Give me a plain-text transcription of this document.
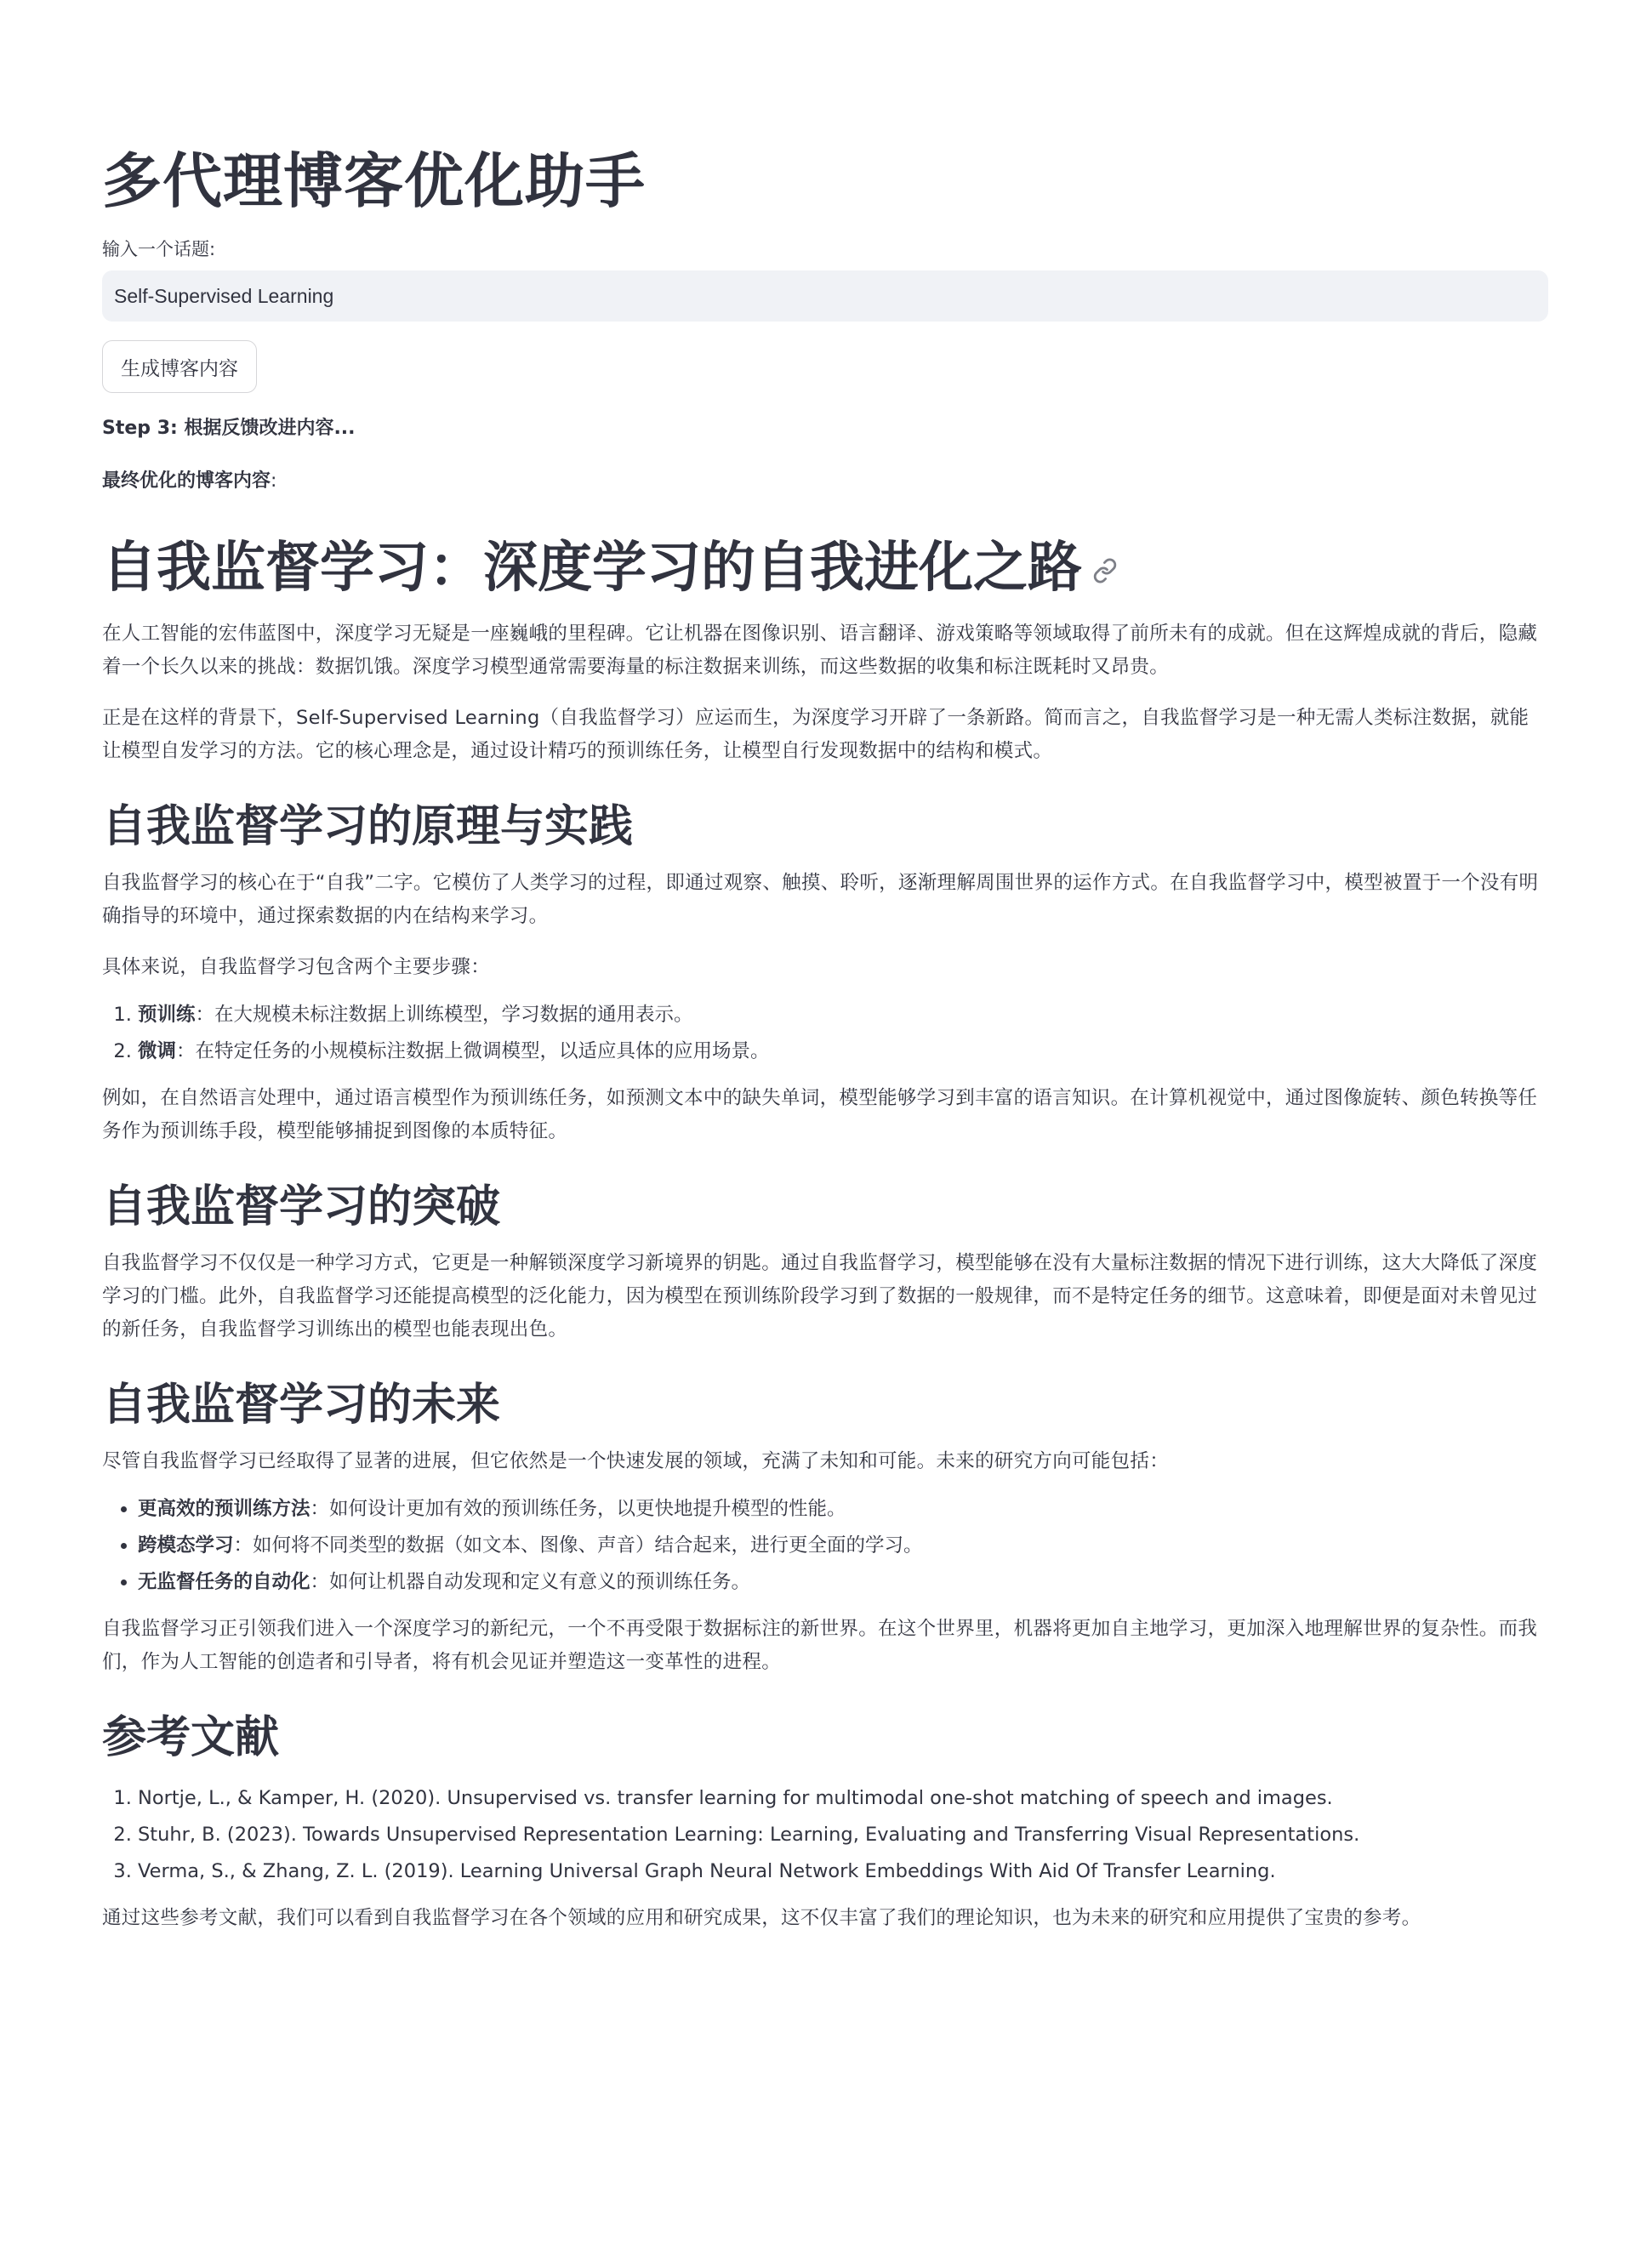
多代理博客优化助手
输入一个话题:
Self-Supervised Learning
生成博客内容
Step 3: 根据反馈改进内容...
最终优化的博客内容:
自我监督学习：深度学习的自我进化之路

在人工智能的宏伟蓝图中，深度学习无疑是一座巍峨的里程碑。它让机器在图像识别、语言翻译、游戏策略等领域取得了前所未有的成就。但在这辉煌成就的背后，隐藏着一个长久以来的挑战：数据饥饿。深度学习模型通常需要海量的标注数据来训练，而这些数据的收集和标注既耗时又昂贵。

正是在这样的背景下，Self-Supervised Learning（自我监督学习）应运而生，为深度学习开辟了一条新路。简而言之，自我监督学习是一种无需人类标注数据，就能让模型自发学习的方法。它的核心理念是，通过设计精巧的预训练任务，让模型自行发现数据中的结构和模式。

自我监督学习的原理与实践

自我监督学习的核心在于“自我”二字。它模仿了人类学习的过程，即通过观察、触摸、聆听，逐渐理解周围世界的运作方式。在自我监督学习中，模型被置于一个没有明确指导的环境中，通过探索数据的内在结构来学习。

具体来说，自我监督学习包含两个主要步骤：

1. 预训练：在大规模未标注数据上训练模型，学习数据的通用表示。
2. 微调：在特定任务的小规模标注数据上微调模型，以适应具体的应用场景。

例如，在自然语言处理中，通过语言模型作为预训练任务，如预测文本中的缺失单词，模型能够学习到丰富的语言知识。在计算机视觉中，通过图像旋转、颜色转换等任务作为预训练手段，模型能够捕捉到图像的本质特征。

自我监督学习的突破

自我监督学习不仅仅是一种学习方式，它更是一种解锁深度学习新境界的钥匙。通过自我监督学习，模型能够在没有大量标注数据的情况下进行训练，这大大降低了深度学习的门槛。此外，自我监督学习还能提高模型的泛化能力，因为模型在预训练阶段学习到了数据的一般规律，而不是特定任务的细节。这意味着，即便是面对未曾见过的新任务，自我监督学习训练出的模型也能表现出色。

自我监督学习的未来

尽管自我监督学习已经取得了显著的进展，但它依然是一个快速发展的领域，充满了未知和可能。未来的研究方向可能包括：

• 更高效的预训练方法：如何设计更加有效的预训练任务，以更快地提升模型的性能。
• 跨模态学习：如何将不同类型的数据（如文本、图像、声音）结合起来，进行更全面的学习。
• 无监督任务的自动化：如何让机器自动发现和定义有意义的预训练任务。

自我监督学习正引领我们进入一个深度学习的新纪元，一个不再受限于数据标注的新世界。在这个世界里，机器将更加自主地学习，更加深入地理解世界的复杂性。而我们，作为人工智能的创造者和引导者，将有机会见证并塑造这一变革性的进程。

参考文献
1. Nortje, L., & Kamper, H. (2020). Unsupervised vs. transfer learning for multimodal one-shot matching of speech and images.
2. Stuhr, B. (2023). Towards Unsupervised Representation Learning: Learning, Evaluating and Transferring Visual Representations.
3. Verma, S., & Zhang, Z. L. (2019). Learning Universal Graph Neural Network Embeddings With Aid Of Transfer Learning.

通过这些参考文献，我们可以看到自我监督学习在各个领域的应用和研究成果，这不仅丰富了我们的理论知识，也为未来的研究和应用提供了宝贵的参考。
